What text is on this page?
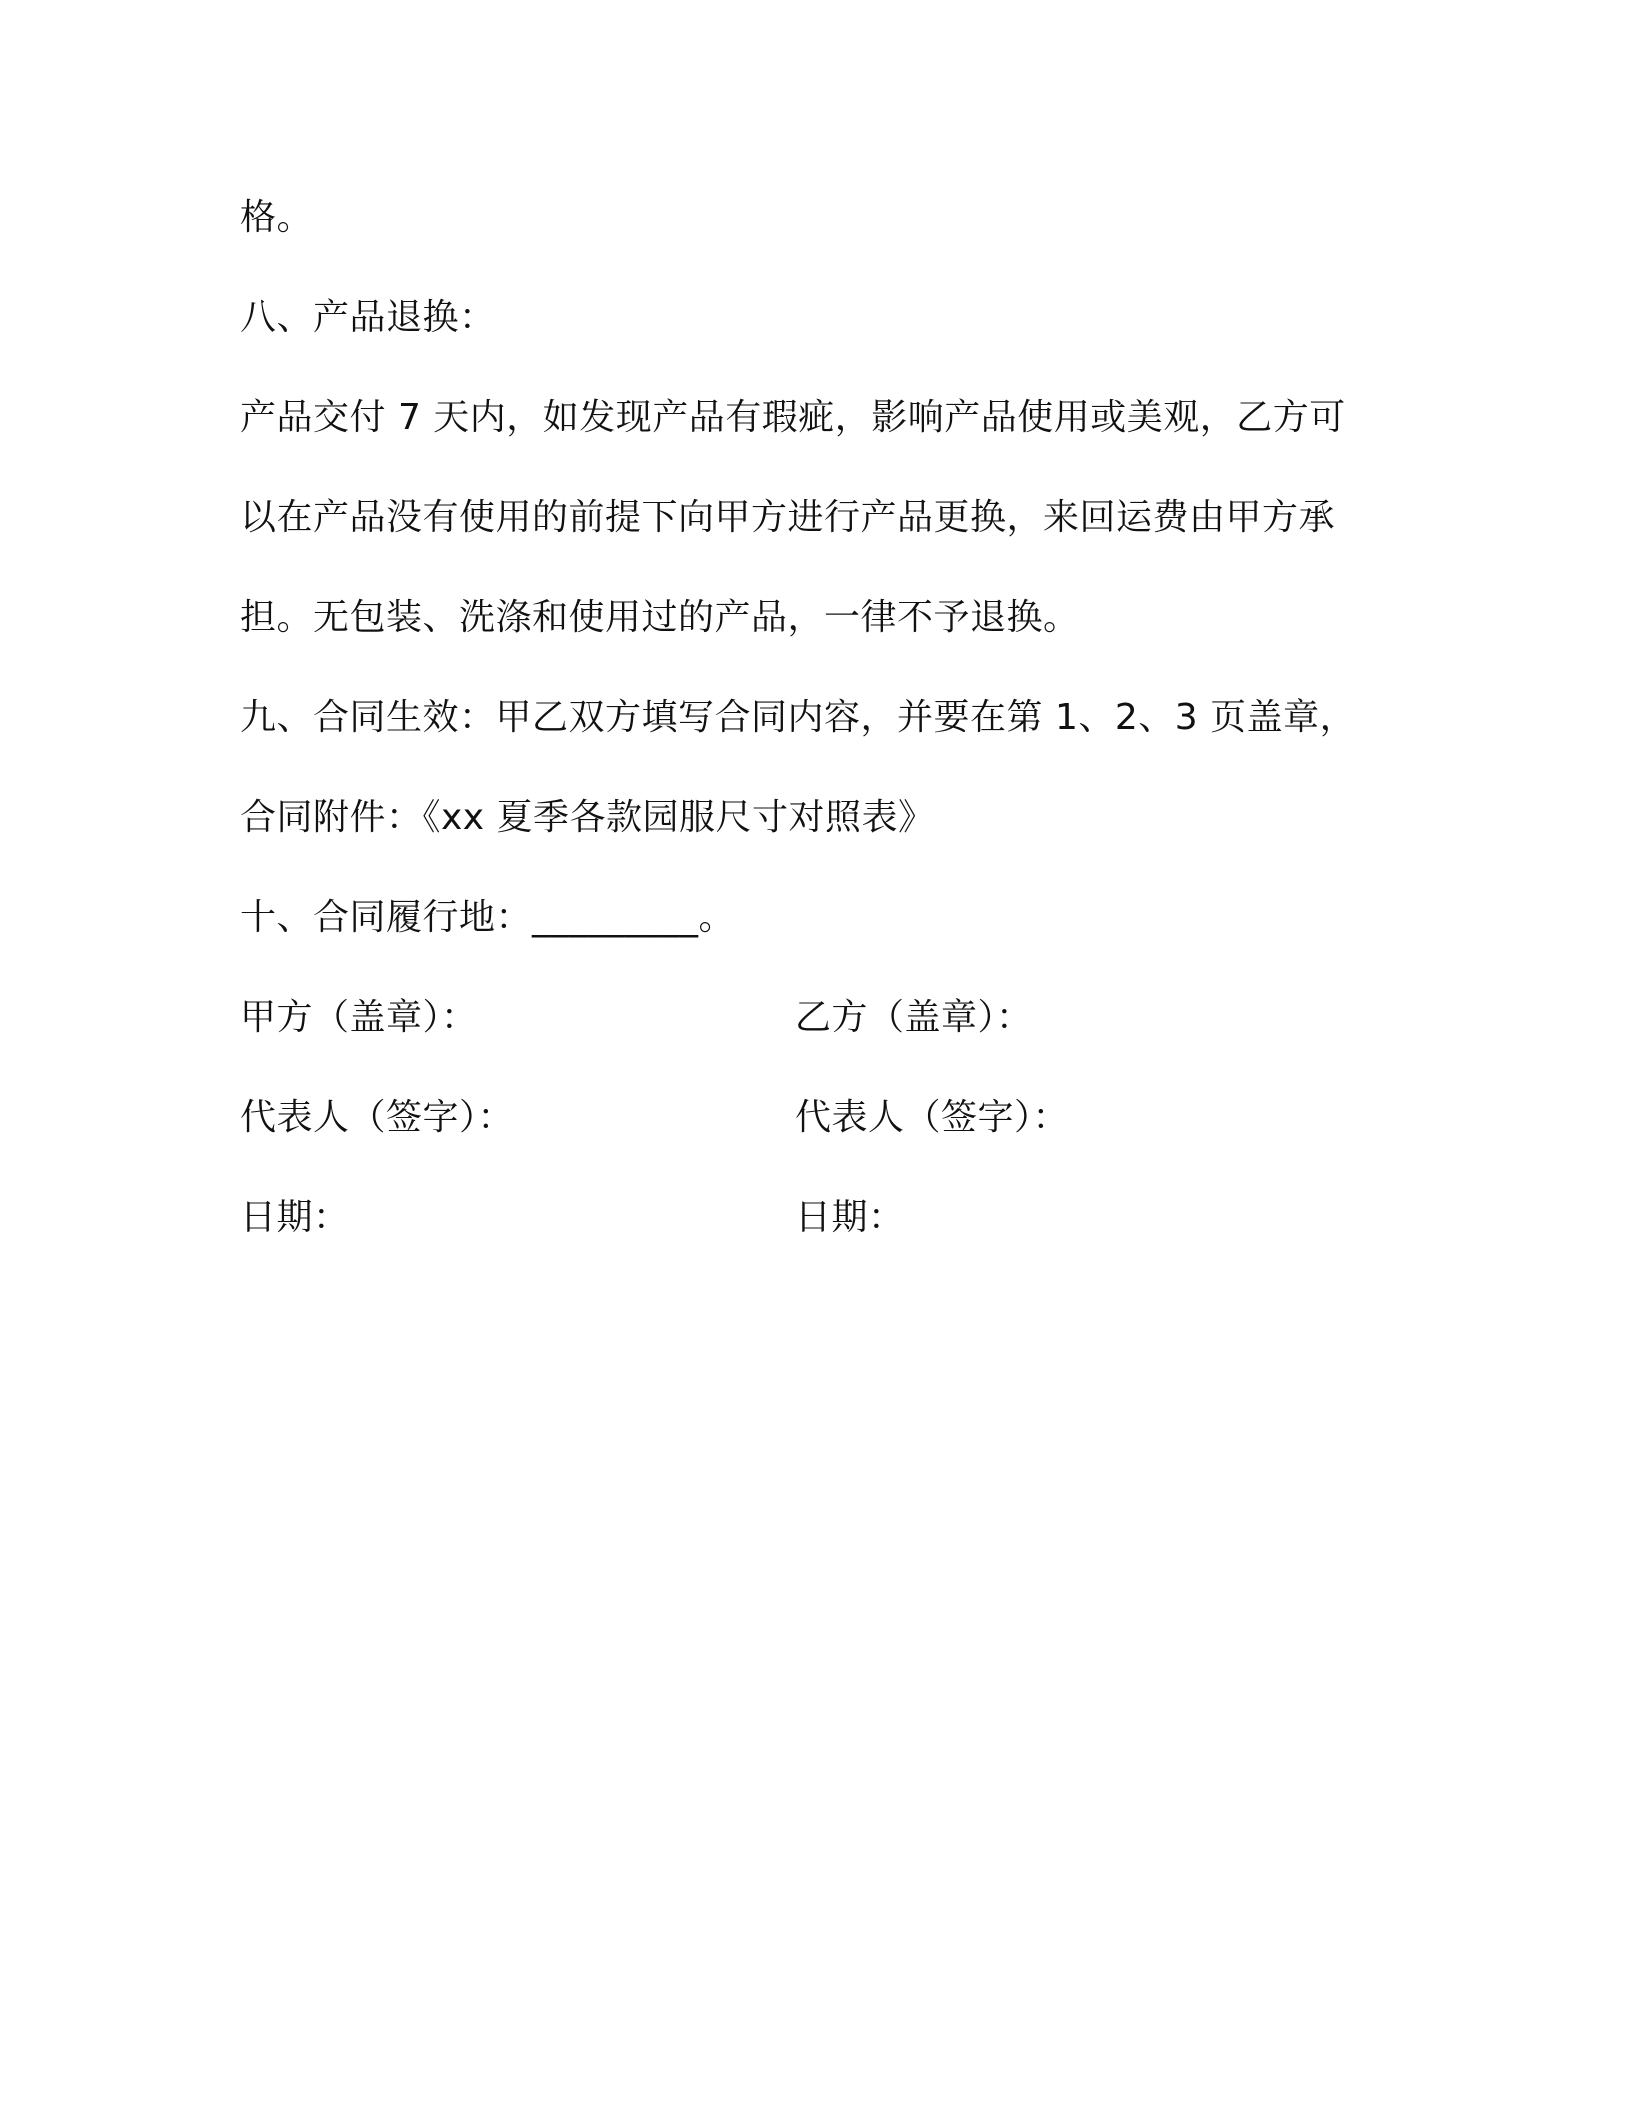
格。
八、产品退换：
产品交付 7 天内，如发现产品有瑕疵，影响产品使用或美观，乙方可
以在产品没有使用的前提下向甲方进行产品更换，来回运费由甲方承
担。无包装、洗涤和使用过的产品，一律不予退换。
九、合同生效：甲乙双方填写合同内容，并要在第 1、2、3 页盖章，
合同附件：《xx 夏季各款园服尺寸对照表》
十、合同履行地：_________。
甲方（盖章）：	乙方（盖章）：
代表人（签字）：	代表人（签字）：
日期：	日期：
